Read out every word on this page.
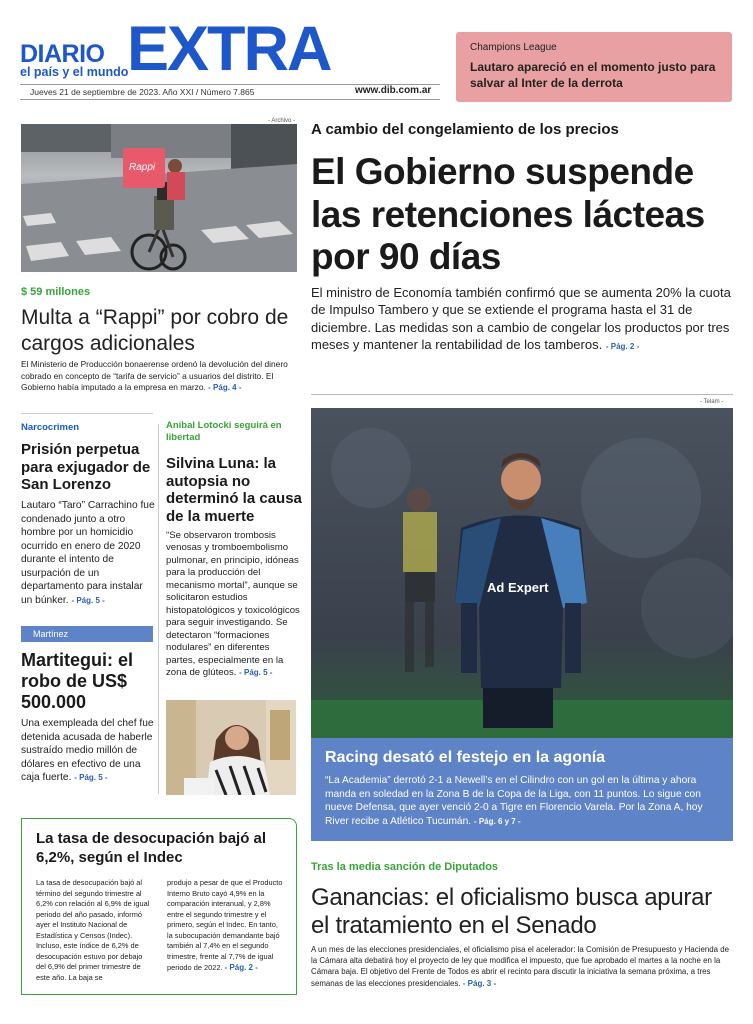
DIARIO
el país y el mundo
EXTRA
Jueves 21 de septiembre de 2023. Año XXI / Número 7.865	www.dib.com.ar
Champions League
Lautaro apareció en el momento justo para salvar al Inter de la derrota
Rappi
- Archivo -
$ 59 millones
Multa a “Rappi” por cobro de cargos adicionales
El Ministerio de Producción bonaerense ordenó la devolución del dinero cobrado en concepto de “tarifa de servicio” a usuarios del distrito. El Gobierno había imputado a la empresa en marzo. - Pág. 4 -
A cambio del congelamiento de los precios
El Gobierno suspende las retenciones lácteas por 90 días
El ministro de Economía también confirmó que se aumenta 20% la cuota de Impulso Tambero y que se extiende el programa hasta el 31 de diciembre. Las medidas son a cambio de congelar los productos por tres meses y mantener la rentabilidad de los tamberos. - Pág. 2 -
- Telam -
Ad Expert
Racing desató el festejo en la agonía
“La Academia” derrotó 2-1 a Newell’s en el Cilindro con un gol en la última y ahora manda en soledad en la Zona B de la Copa de la Liga, con 11 puntos. Lo sigue con nueve Defensa, que ayer venció 2-0 a Tigre en Florencio Varela. Por la Zona A, hoy River recibe a Atlético Tucumán. - Pág. 6 y 7 -
Narcocrimen
Prisión perpetua para exjugador de San Lorenzo
Lautaro “Taro” Carrachino fue condenado junto a otro hombre por un homicidio ocurrido en enero de 2020 durante el intento de usurpación de un departamento para instalar un búnker. - Pág. 5 -
Martínez
Martitegui: el robo de US$ 500.000
Una exempleada del chef fue detenida acusada de haberle sustraído medio millón de dólares en efectivo de una caja fuerte. - Pág. 5 -
Aníbal Lotocki seguirá en libertad
Silvina Luna: la autopsia no determinó la causa de la muerte
“Se observaron trombosis venosas y tromboembolismo pulmonar, en principio, idóneas para la producción del mecanismo mortal”, aunque se solicitaron estudios histopatológicos y toxicológicos para seguir investigando. Se detectaron “formaciones nodulares” en diferentes partes, especialmente en la zona de glúteos. - Pág. 5 -
La tasa de desocupación bajó al 6,2%, según el Indec
La tasa de desocupación bajó al término del segundo trimestre al 6,2% con relación al 6,9% de igual periodo del año pasado, informó ayer el Instituto Nacional de Estadística y Censos (Indec). Incluso, este índice de 6,2% de desocupación estuvo por debajo del 6,9% del primer trimestre de este año. La baja se
produjo a pesar de que el Producto Interno Bruto cayó 4,9% en la comparación interanual, y 2,8% entre el segundo trimestre y el primero, según el Indec. En tanto, la subocupación demandante bajó también al 7,4% en el segundo trimestre, frente al 7,7% de igual periodo de 2022. - Pág. 2 -
Tras la media sanción de Diputados
Ganancias: el oficialismo busca apurar el tratamiento en el Senado
A un mes de las elecciones presidenciales, el oficialismo pisa el acelerador: la Comisión de Presupuesto y Hacienda de la Cámara alta debatirá hoy el proyecto de ley que modifica el impuesto, que fue aprobado el martes a la noche en la Cámara baja. El objetivo del Frente de Todos es abrir el recinto para discutir la iniciativa la semana próxima, a tres semanas de las elecciones presidenciales. - Pág. 3 -
